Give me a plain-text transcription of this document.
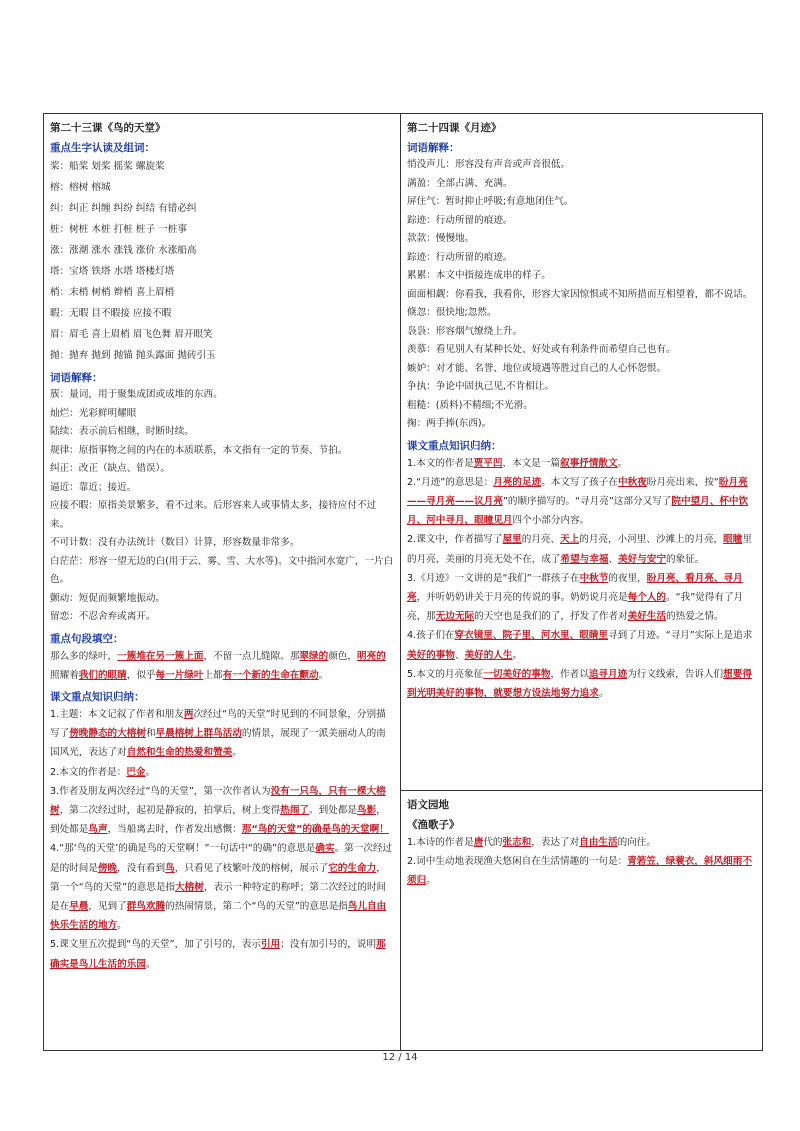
第二十三课《鸟的天堂》
重点生字认读及组词：
桨：船桨 划桨 摇桨 螺旋桨
榕：榕树 榕城
纠：纠正 纠缠 纠纷 纠结 有错必纠
桩：树桩 木桩 打桩 桩子 一桩事
涨：涨潮 涨水 涨钱 涨价 水涨船高
塔：宝塔 铁塔 水塔 塔楼灯塔
梢：末梢 树梢 辫梢 喜上眉梢
暇：无暇 目不暇接 应接不暇
眉：眉毛 喜上眉梢 眉飞色舞 眉开眼笑
抛：抛弃 抛到 抛锚 抛头露面 抛砖引玉
词语解释：
簇：量词，用于聚集成团或成堆的东西。
灿烂：光彩鲜明耀眼
陆续：表示前后相继，时断时续。
规律：原指事物之间的内在的本质联系，本文指有一定的节奏、节拍。
纠正：改正（缺点、错误）。
逼近：靠近；接近。
应接不暇：原指美景繁多，看不过来。后形容来人或事情太多，接待应付不过来。
不可计数：没有办法统计（数目）计算，形容数量非常多。
白茫茫：形容一望无边的白(用于云、雾、雪、大水等)。文中指河水宽广，一片白色。
颤动：短促而频繁地振动。
留恋：不忍舍弃或离开。
重点句段填空：
那么多的绿叶，一簇堆在另一簇上面，不留一点儿缝隙。那翠绿的颜色，明亮的照耀着我们的眼睛，似乎每一片绿叶上都有一个新的生命在颤动。
课文重点知识归纳：
1.主题：本文记叙了作者和朋友两次经过“鸟的天堂”时见到的不同景象，分别描写了傍晚静态的大榕树和早晨榕树上群鸟活动的情景，展现了一派美丽动人的南国风光，表达了对自然和生命的热爱和赞美。
2.本文的作者是：巴金。
3.作者及朋友两次经过“鸟的天堂”，第一次作者认为没有一只鸟，只有一棵大榕树，第二次经过时，起初是静寂的，拍掌后，树上变得热闹了。到处都是鸟影，到处都是鸟声，当船离去时，作者发出感慨：那“鸟的天堂”的确是鸟的天堂啊！
4.“那‘鸟的天堂’的确是鸟的天堂啊！”一句话中“的确”的意思是确实。第一次经过是的时间是傍晚，没有看到鸟，只看见了枝繁叶茂的榕树，展示了它的生命力，第一个“鸟的天堂”的意思是指大榕树，表示一种特定的称呼；第二次经过的时间是在早晨，见到了群鸟欢腾的热闹情景，第二个“鸟的天堂”的意思是指鸟儿自由快乐生活的地方。
5.课文里五次提到“鸟的天堂”，加了引号的，表示引用；没有加引号的，说明那确实是鸟儿生活的乐园。
第二十四课《月迹》
词语解释：
悄没声儿：形容没有声音或声音很低。
满盈：全部占满、充满。
屏住气：暂时抑止呼吸;有意地闭住气。
踪迹：行动所留的痕迹。
款款：慢慢地。
踪迹：行动所留的痕迹。
累累：本文中指接连成串的样子。
面面相觑：你看我，我看你，形容大家因惊惧或不知所措而互相望着，都不说话。
倏忽：很快地;忽然。
袅袅：形容烟气缭绕上升。
羡慕：看见别人有某种长处、好处或有利条件而希望自己也有。
嫉妒：对才能、名誉、地位或境遇等胜过自己的人心怀怨恨。
争执：争论中固执己见,不肯相让。
粗糙：(质料)不精细;不光滑。
掬：两手捧(东西)。
课文重点知识归纳：
1.本文的作者是贾平凹，本文是一篇叙事抒情散文。
2.“月迹”的意思是：月亮的足迹。本文写了孩子在中秋夜盼月亮出来，按“盼月亮——寻月亮——议月亮”的顺序描写的。“寻月亮”这部分又写了院中望月、杯中饮月、河中寻月、眼瞳见月四个小部分内容。
2.课文中，作者描写了屋里的月亮、天上的月亮，小河里、沙滩上的月亮，眼瞳里的月亮，美丽的月亮无处不在，成了希望与幸福、美好与安宁的象征。
3.《月迹》一文讲的是“我们”一群孩子在中秋节的夜里，盼月亮、看月亮、寻月亮，并听奶奶讲关于月亮的传说的事。奶奶说月亮是每个人的。“我”觉得有了月亮，那无边无际的天空也是我们的了，抒发了作者对美好生活的热爱之情。
4.孩子们在穿衣镜里、院子里、河水里、眼睛里寻到了月迹。“寻月”实际上是追求美好的事物、美好的人生。
5.本文的月亮象征一切美好的事物，作者以追寻月迹为行文线索，告诉人们想要得到光明美好的事物，就要想方设法地努力追求。
语文园地
《渔歌子》
1.本诗的作者是唐代的张志和，表达了对自由生活的向往。
2.词中生动地表现渔夫悠闲自在生活情趣的一句是：青箬笠，绿蓑衣，斜风细雨不须归。
12 / 14
